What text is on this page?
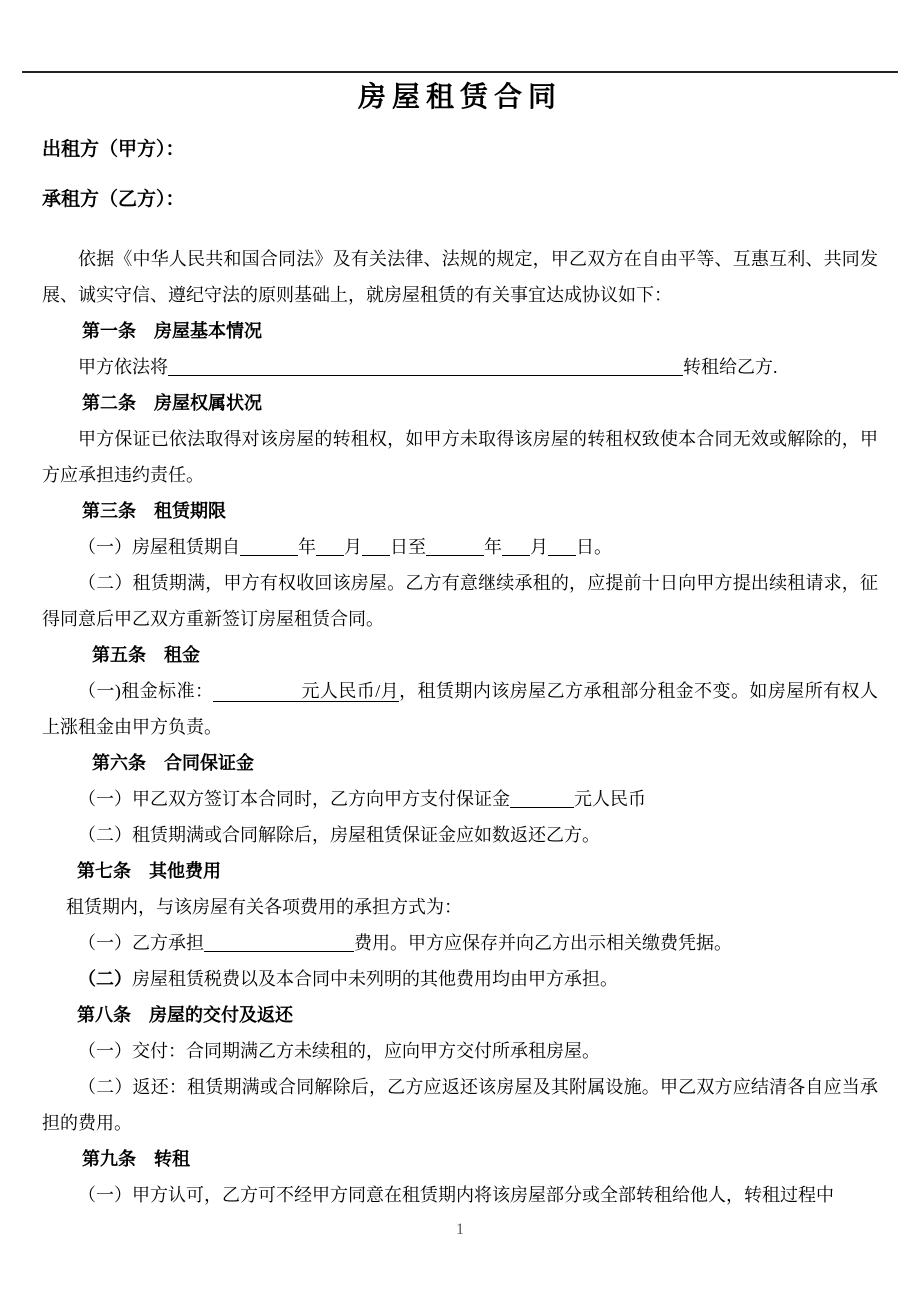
房屋租赁合同

出租方（甲方）：

承租方（乙方）：

依据《中华人民共和国合同法》及有关法律、法规的规定，甲乙双方在自由平等、互惠互利、共同发展、诚实守信、遵纪守法的原则基础上，就房屋租赁的有关事宜达成协议如下：

第一条　房屋基本情况

甲方依法将	转租给乙方.

第二条　房屋权属状况

甲方保证已依法取得对该房屋的转租权，如甲方未取得该房屋的转租权致使本合同无效或解除的，甲方应承担违约责任。

第三条　租赁期限

（一）房屋租赁期自	年 月 日至	年 月 日。

（二）租赁期满，甲方有权收回该房屋。乙方有意继续承租的，应提前十日向甲方提出续租请求，征得同意后甲乙双方重新签订房屋租赁合同。

第五条　租金

（一)租金标准：	元人民币/月，租赁期内该房屋乙方承租部分租金不变。如房屋所有权人上涨租金由甲方负责。

第六条　合同保证金

（一）甲乙双方签订本合同时，乙方向甲方支付保证金	元人民币

（二）租赁期满或合同解除后，房屋租赁保证金应如数返还乙方。

第七条　其他费用

租赁期内，与该房屋有关各项费用的承担方式为：

（一）乙方承担	费用。甲方应保存并向乙方出示相关缴费凭据。

（二）房屋租赁税费以及本合同中未列明的其他费用均由甲方承担。

第八条　房屋的交付及返还

（一）交付：合同期满乙方未续租的，应向甲方交付所承租房屋。

（二）返还：租赁期满或合同解除后，乙方应返还该房屋及其附属设施。甲乙双方应结清各自应当承担的费用。

第九条　转租

（一）甲方认可，乙方可不经甲方同意在租赁期内将该房屋部分或全部转租给他人，转租过程中

1
